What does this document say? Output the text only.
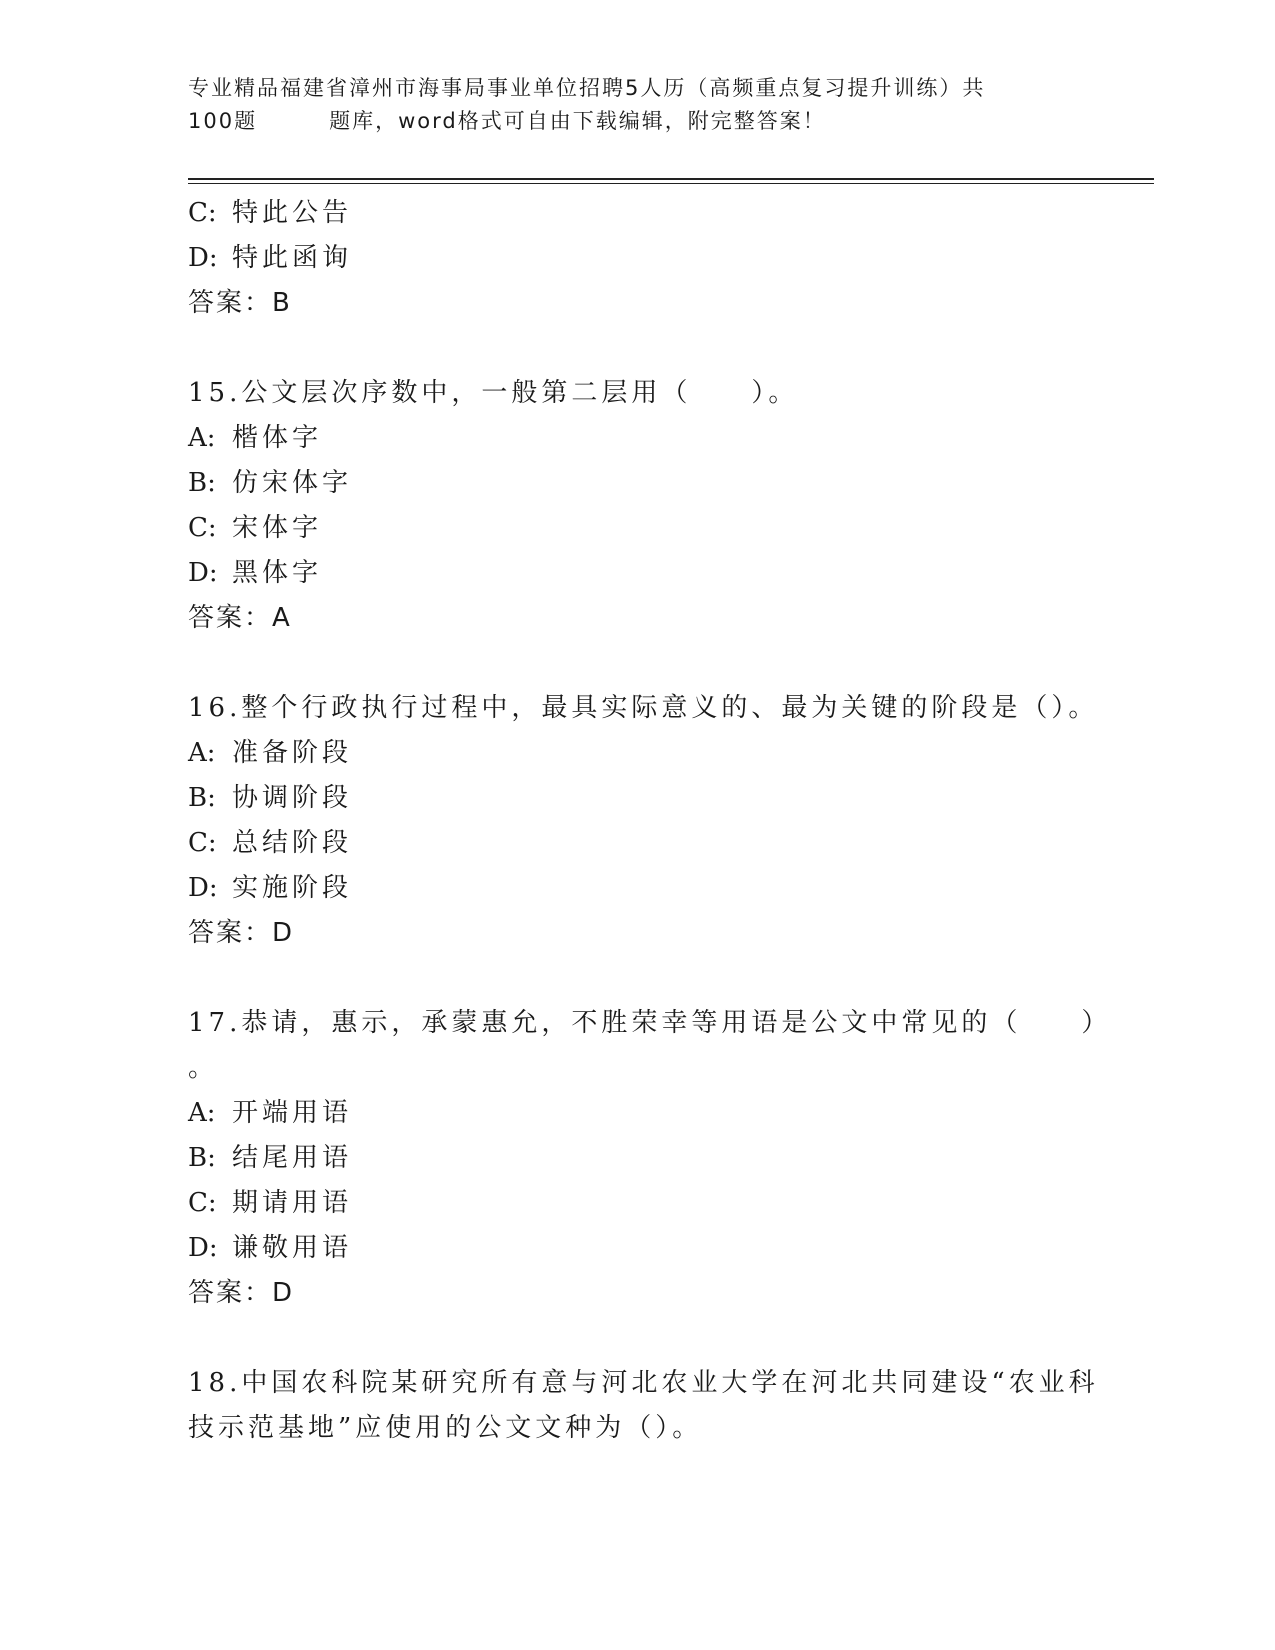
专业精品福建省漳州市海事局事业单位招聘5人历（高频重点复习提升训练）共
100题	题库，word格式可自由下载编辑，附完整答案！
C: 特此公告
D: 特此函询
答案：B
15.公文层次序数中，一般第二层用（　　）。
A: 楷体字
B: 仿宋体字
C: 宋体字
D: 黑体字
答案：A
16.整个行政执行过程中，最具实际意义的、最为关键的阶段是（）。
A: 准备阶段
B: 协调阶段
C: 总结阶段
D: 实施阶段
答案：D
17.恭请，惠示，承蒙惠允，不胜荣幸等用语是公文中常见的（　　）
。
A: 开端用语
B: 结尾用语
C: 期请用语
D: 谦敬用语
答案：D
18.中国农科院某研究所有意与河北农业大学在河北共同建设“农业科
技示范基地”应使用的公文文种为（）。
